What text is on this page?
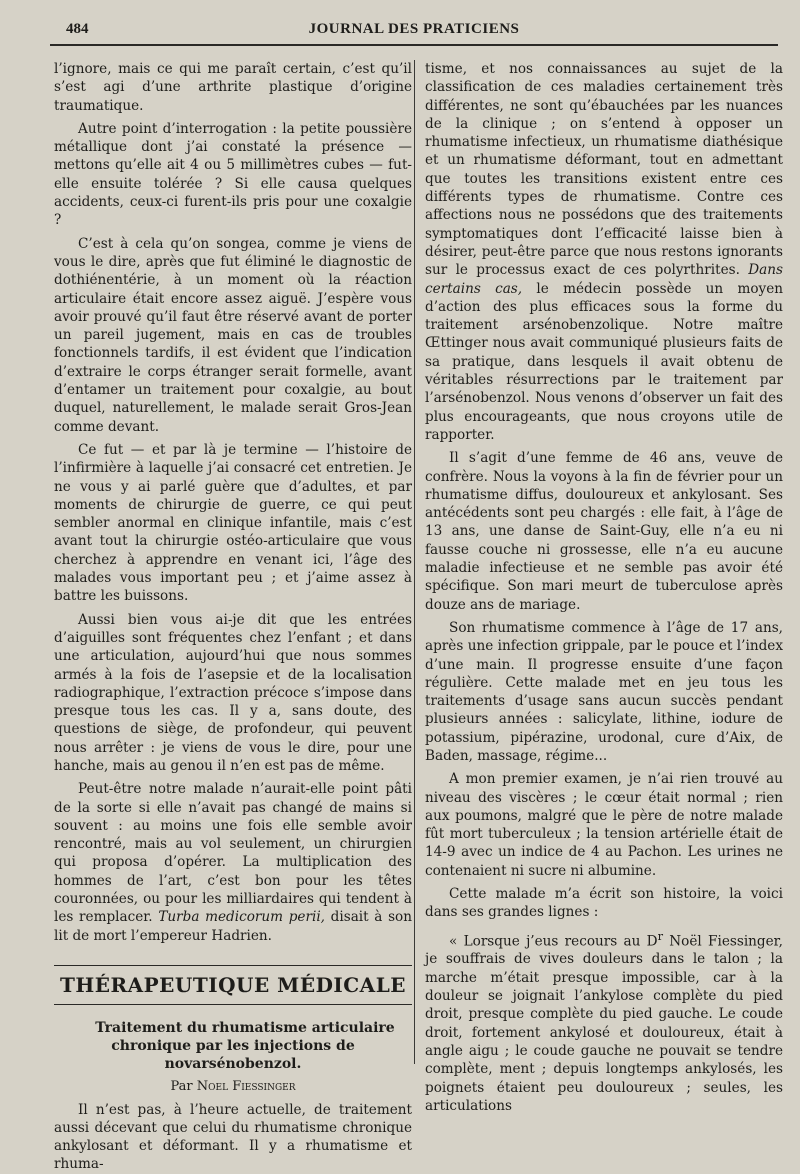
484	JOURNAL DES PRATICIENS

l’ignore, mais ce qui me paraît certain, c’est qu’il s’est agi d’une arthrite plastique d’origine traumatique.

Autre point d’interrogation : la petite poussière métallique dont j’ai constaté la présence — mettons qu’elle ait 4 ou 5 millimètres cubes — fut-elle ensuite tolérée ? Si elle causa quelques accidents, ceux-ci furent-ils pris pour une coxalgie ?

C’est à cela qu’on songea, comme je viens de vous le dire, après que fut éliminé le diagnostic de dothiénentérie, à un moment où la réaction articulaire était encore assez aiguë. J’espère vous avoir prouvé qu’il faut être réservé avant de porter un pareil jugement, mais en cas de troubles fonctionnels tardifs, il est évident que l’indication d’extraire le corps étranger serait formelle, avant d’entamer un traitement pour coxalgie, au bout duquel, naturellement, le malade serait Gros-Jean comme devant.

Ce fut — et par là je termine — l’histoire de l’infirmière à laquelle j’ai consacré cet entretien. Je ne vous y ai parlé guère que d’adultes, et par moments de chirurgie de guerre, ce qui peut sembler anormal en clinique infantile, mais c’est avant tout la chirurgie ostéo-articulaire que vous cherchez à apprendre en venant ici, l’âge des malades vous important peu ; et j’aime assez à battre les buissons.

Aussi bien vous ai-je dit que les entrées d’aiguilles sont fréquentes chez l’enfant ; et dans une articulation, aujourd’hui que nous sommes armés à la fois de l’asepsie et de la localisation radiographique, l’extraction précoce s’impose dans presque tous les cas. Il y a, sans doute, des questions de siège, de profondeur, qui peuvent nous arrêter : je viens de vous le dire, pour une hanche, mais au genou il n’en est pas de même.

Peut-être notre malade n’aurait-elle point pâti de la sorte si elle n’avait pas changé de mains si souvent : au moins une fois elle semble avoir rencontré, mais au vol seulement, un chirurgien qui proposa d’opérer. La multiplication des hommes de l’art, c’est bon pour les têtes couronnées, ou pour les milliardaires qui tendent à les remplacer. Turba medicorum perii, disait à son lit de mort l’empereur Hadrien.

THÉRAPEUTIQUE MÉDICALE

Traitement du rhumatisme articulaire chronique par les injections de novarsénobenzol.

Par Noel Fiessinger

Il n’est pas, à l’heure actuelle, de traitement aussi décevant que celui du rhumatisme chronique ankylosant et déformant. Il y a rhumatisme et rhuma-

tisme, et nos connaissances au sujet de la classification de ces maladies certainement très différentes, ne sont qu’ébauchées par les nuances de la clinique ; on s’entend à opposer un rhumatisme infectieux, un rhumatisme diathésique et un rhumatisme déformant, tout en admettant que toutes les transitions existent entre ces différents types de rhumatisme. Contre ces affections nous ne possédons que des traitements symptomatiques dont l’efficacité laisse bien à désirer, peut-être parce que nous restons ignorants sur le processus exact de ces polyrthrites. Dans certains cas, le médecin possède un moyen d’action des plus efficaces sous la forme du traitement arsénobenzolique. Notre maître Œttinger nous avait communiqué plusieurs faits de sa pratique, dans lesquels il avait obtenu de véritables résurrections par le traitement par l’arsénobenzol. Nous venons d’observer un fait des plus encourageants, que nous croyons utile de rapporter.

Il s’agit d’une femme de 46 ans, veuve de confrère. Nous la voyons à la fin de février pour un rhumatisme diffus, douloureux et ankylosant. Ses antécédents sont peu chargés : elle fait, à l’âge de 13 ans, une danse de Saint-Guy, elle n’a eu ni fausse couche ni grossesse, elle n’a eu aucune maladie infectieuse et ne semble pas avoir été spécifique. Son mari meurt de tuberculose après douze ans de mariage.

Son rhumatisme commence à l’âge de 17 ans, après une infection grippale, par le pouce et l’index d’une main. Il progresse ensuite d’une façon régulière. Cette malade met en jeu tous les traitements d’usage sans aucun succès pendant plusieurs années : salicylate, lithine, iodure de potassium, pipérazine, urodonal, cure d’Aix, de Baden, massage, régime...

A mon premier examen, je n’ai rien trouvé au niveau des viscères ; le cœur était normal ; rien aux poumons, malgré que le père de notre malade fût mort tuberculeux ; la tension artérielle était de 14-9 avec un indice de 4 au Pachon. Les urines ne contenaient ni sucre ni albumine.

Cette malade m’a écrit son histoire, la voici dans ses grandes lignes :

« Lorsque j’eus recours au $D^r$ Noël Fiessinger, je souffrais de vives douleurs dans le talon ; la marche m’était presque impossible, car à la douleur se joignait l’ankylose complète du pied droit, presque complète du pied gauche. Le coude droit, fortement ankylosé et douloureux, était à angle aigu ; le coude gauche ne pouvait se tendre complète, ment ; depuis longtemps ankylosés, les poignets étaient peu douloureux ; seules, les articulations
